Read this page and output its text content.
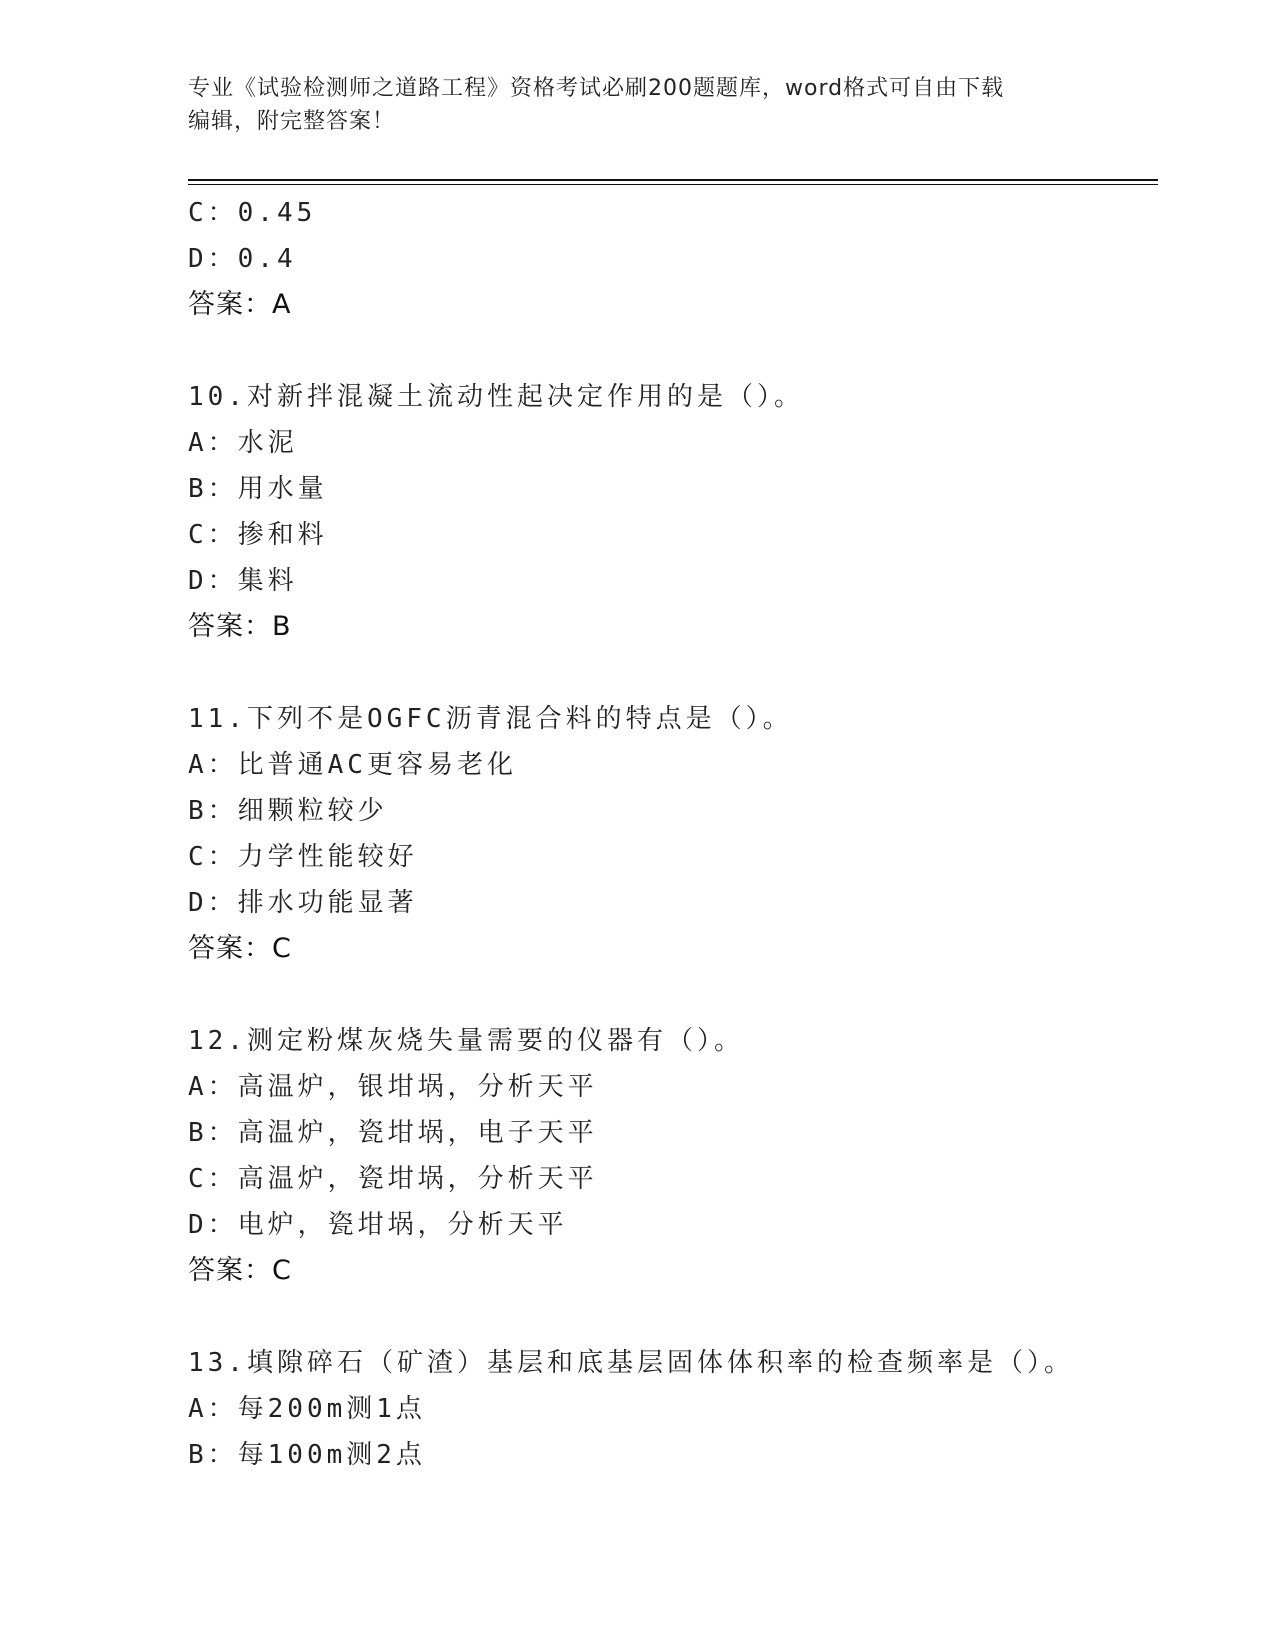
专业《试验检测师之道路工程》资格考试必刷200题题库，word格式可自由下载
编辑，附完整答案！
C：0.45
D：0.4
答案：A
10.对新拌混凝土流动性起决定作用的是（）。
A：水泥
B：用水量
C：掺和料
D：集料
答案：B
11.下列不是OGFC沥青混合料的特点是（）。
A：比普通AC更容易老化
B：细颗粒较少
C：力学性能较好
D：排水功能显著
答案：C
12.测定粉煤灰烧失量需要的仪器有（）。
A：高温炉，银坩埚，分析天平
B：高温炉，瓷坩埚，电子天平
C：高温炉，瓷坩埚，分析天平
D：电炉，瓷坩埚，分析天平
答案：C
13.填隙碎石（矿渣）基层和底基层固体体积率的检查频率是（）。
A：每200m测1点
B：每100m测2点
